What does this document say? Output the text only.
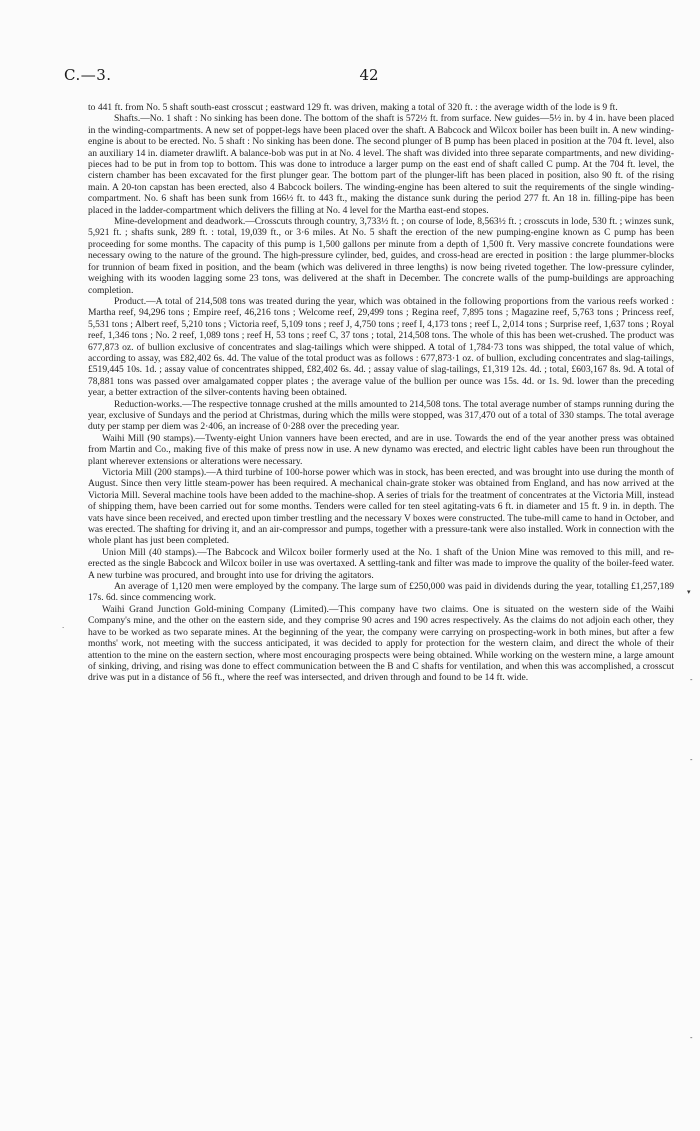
C.—3.	42

to 441 ft. from No. 5 shaft south-east crosscut ; eastward 129 ft. was driven, making a total of 320 ft. : the average width of the lode is 9 ft.

Shafts.—No. 1 shaft : No sinking has been done. The bottom of the shaft is 572½ ft. from surface. New guides—5½ in. by 4 in. have been placed in the winding-compartments. A new set of poppet-legs have been placed over the shaft. A Babcock and Wilcox boiler has been built in. A new winding-engine is about to be erected. No. 5 shaft : No sinking has been done. The second plunger of B pump has been placed in position at the 704 ft. level, also an auxiliary 14 in. diameter drawlift. A balance-bob was put in at No. 4 level. The shaft was divided into three separate compartments, and new dividing-pieces had to be put in from top to bottom. This was done to introduce a larger pump on the east end of shaft called C pump. At the 704 ft. level, the cistern chamber has been excavated for the first plunger gear. The bottom part of the plunger-lift has been placed in position, also 90 ft. of the rising main. A 20-ton capstan has been erected, also 4 Babcock boilers. The winding-engine has been altered to suit the requirements of the single winding-compartment. No. 6 shaft has been sunk from 166½ ft. to 443 ft., making the distance sunk during the period 277 ft. An 18 in. filling-pipe has been placed in the ladder-compartment which delivers the filling at No. 4 level for the Martha east-end stopes.

Mine-development and deadwork.—Crosscuts through country, 3,733½ ft. ; on course of lode, 8,563½ ft. ; crosscuts in lode, 530 ft. ; winzes sunk, 5,921 ft. ; shafts sunk, 289 ft. : total, 19,039 ft., or 3·6 miles. At No. 5 shaft the erection of the new pumping-engine known as C pump has been proceeding for some months. The capacity of this pump is 1,500 gallons per minute from a depth of 1,500 ft. Very massive concrete foundations were necessary owing to the nature of the ground. The high-pressure cylinder, bed, guides, and cross-head are erected in position : the large plummer-blocks for trunnion of beam fixed in position, and the beam (which was delivered in three lengths) is now being riveted together. The low-pressure cylinder, weighing with its wooden lagging some 23 tons, was delivered at the shaft in December. The concrete walls of the pump-buildings are approaching completion.

Product.—A total of 214,508 tons was treated during the year, which was obtained in the following proportions from the various reefs worked : Martha reef, 94,296 tons ; Empire reef, 46,216 tons ; Welcome reef, 29,499 tons ; Regina reef, 7,895 tons ; Magazine reef, 5,763 tons ; Princess reef, 5,531 tons ; Albert reef, 5,210 tons ; Victoria reef, 5,109 tons ; reef J, 4,750 tons ; reef I, 4,173 tons ; reef L, 2,014 tons ; Surprise reef, 1,637 tons ; Royal reef, 1,346 tons ; No. 2 reef, 1,089 tons ; reef H, 53 tons ; reef C, 37 tons ; total, 214,508 tons. The whole of this has been wet-crushed. The product was 677,873 oz. of bullion exclusive of concentrates and slag-tailings which were shipped. A total of 1,784·73 tons was shipped, the total value of which, according to assay, was £82,402 6s. 4d. The value of the total product was as follows : 677,873·1 oz. of bullion, excluding concentrates and slag-tailings, £519,445 10s. 1d. ; assay value of concentrates shipped, £82,402 6s. 4d. ; assay value of slag-tailings, £1,319 12s. 4d. ; total, £603,167 8s. 9d. A total of 78,881 tons was passed over amalgamated copper plates ; the average value of the bullion per ounce was 15s. 4d. or 1s. 9d. lower than the preceding year, a better extraction of the silver-contents having been obtained.

Reduction-works.—The respective tonnage crushed at the mills amounted to 214,508 tons. The total average number of stamps running during the year, exclusive of Sundays and the period at Christmas, during which the mills were stopped, was 317,470 out of a total of 330 stamps. The total average duty per stamp per diem was 2·406, an increase of 0·288 over the preceding year.

Waihi Mill (90 stamps).—Twenty-eight Union vanners have been erected, and are in use. Towards the end of the year another press was obtained from Martin and Co., making five of this make of press now in use. A new dynamo was erected, and electric light cables have been run throughout the plant wherever extensions or alterations were necessary.

Victoria Mill (200 stamps).—A third turbine of 100-horse power which was in stock, has been erected, and was brought into use during the month of August. Since then very little steam-power has been required. A mechanical chain-grate stoker was obtained from England, and has now arrived at the Victoria Mill. Several machine tools have been added to the machine-shop. A series of trials for the treatment of concentrates at the Victoria Mill, instead of shipping them, have been carried out for some months. Tenders were called for ten steel agitating-vats 6 ft. in diameter and 15 ft. 9 in. in depth. The vats have since been received, and erected upon timber trestling and the necessary V boxes were constructed. The tube-mill came to hand in October, and was erected. The shafting for driving it, and an air-compressor and pumps, together with a pressure-tank were also installed. Work in connection with the whole plant has just been completed.

Union Mill (40 stamps).—The Babcock and Wilcox boiler formerly used at the No. 1 shaft of the Union Mine was removed to this mill, and re-erected as the single Babcock and Wilcox boiler in use was overtaxed. A settling-tank and filter was made to improve the quality of the boiler-feed water. A new turbine was procured, and brought into use for driving the agitators.

An average of 1,120 men were employed by the company. The large sum of £250,000 was paid in dividends during the year, totalling £1,257,189 17s. 6d. since commencing work.

Waihi Grand Junction Gold-mining Company (Limited).—This company have two claims. One is situated on the western side of the Waihi Company's mine, and the other on the eastern side, and they comprise 90 acres and 190 acres respectively. As the claims do not adjoin each other, they have to be worked as two separate mines. At the beginning of the year, the company were carrying on prospecting-work in both mines, but after a few months' work, not meeting with the success anticipated, it was decided to apply for protection for the western claim, and direct the whole of their attention to the mine on the eastern section, where most encouraging prospects were being obtained. While working on the western mine, a large amount of sinking, driving, and rising was done to effect communication between the B and C shafts for ventilation, and when this was accomplished, a crosscut drive was put in a distance of 56 ft., where the reef was intersected, and driven through and found to be 14 ft. wide.

▾
·
-
-
-
